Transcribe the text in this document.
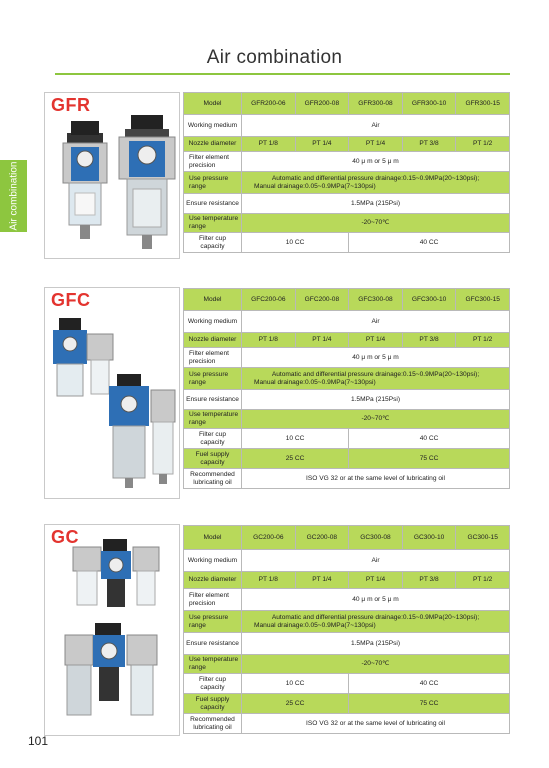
Air combination
Air combination
GFR	Model	GFR200-06	GFR200-08	GFR300-08	GFR300-10	GFR300-15
Working medium	Air				
Nozzle diameter	PT 1/8	PT 1/4	PT 1/4	PT 3/8	PT 1/2
Filter element precision	40 μ m or 5 μ m				
Use pressure range	Automatic and differential pressure drainage:0.15~0.9MPa(20~130psi);
Manual drainage:0.05~0.9MPa(7~130psi)				

Ensure resistance	1.5MPa (215Psi)				
Use temperature range	-20~70℃				
Filter cup capacity	10 CC		40 CC		
GFC	Model	GFC200-06	GFC200-08	GFC300-08	GFC300-10	GFC300-15
Working medium	Air				
Nozzle diameter	PT 1/8	PT 1/4	PT 1/4	PT 3/8	PT 1/2
Filter element precision	40 μ m or 5 μ m				
Use pressure range	Automatic and differential pressure drainage:0.15~0.9MPa(20~130psi);
Manual drainage:0.05~0.9MPa(7~130psi)				

Ensure resistance	1.5MPa (215Psi)				
Use temperature range	-20~70℃				
Filter cup capacity	10 CC		40 CC		
Fuel supply capacity	25 CC		75 CC		
Recommended lubricating oil	ISO VG 32 or at the same level of lubricating oil				
GC	Model	GC200-06	GC200-08	GC300-08	GC300-10	GC300-15
Working medium	Air				
Nozzle diameter	PT 1/8	PT 1/4	PT 1/4	PT 3/8	PT 1/2
Filter element precision	40 μ m or 5 μ m				
Use pressure range	Automatic and differential pressure drainage:0.15~0.9MPa(20~130psi);
Manual drainage:0.05~0.9MPa(7~130psi)				

Ensure resistance	1.5MPa (215Psi)				
Use temperature range	-20~70℃				
Filter cup capacity	10 CC		40 CC		
Fuel supply capacity	25 CC		75 CC		
Recommended lubricating oil	ISO VG 32 or at the same level of lubricating oil				
101
